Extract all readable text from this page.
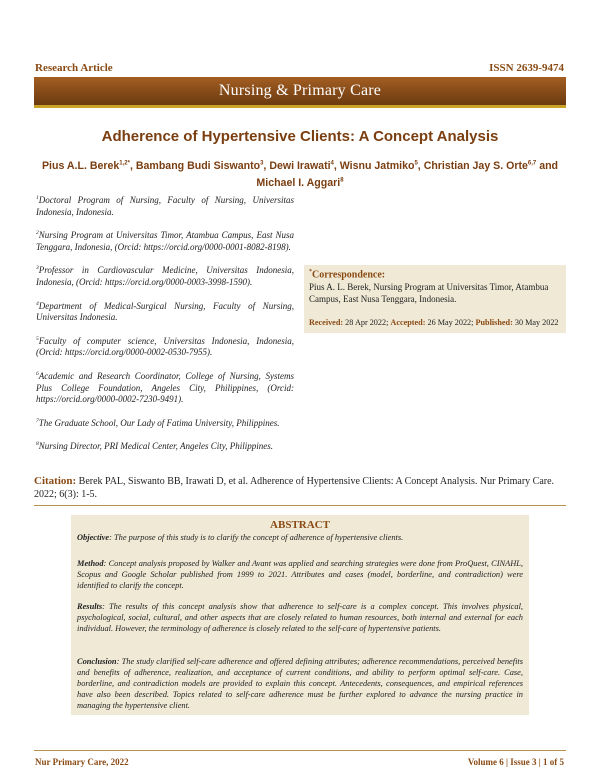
Research Article	ISSN 2639-9474
Nursing & Primary Care
Adherence of Hypertensive Clients: A Concept Analysis
Pius A.L. Berek$^{1,2*}$, Bambang Budi Siswanto$^3$, Dewi Irawati$^4$, Wisnu Jatmiko$^5$, Christian Jay S. Orte$^{6,7}$ and Michael I. Aggari$^8$
$^1$Doctoral Program of Nursing, Faculty of Nursing, Universitas Indonesia, Indonesia.
$^2$Nursing Program at Universitas Timor, Atambua Campus, East Nusa Tenggara, Indonesia, (Orcid: https://orcid.org/0000-0001-8082-8198).
$^3$Professor in Cardiovascular Medicine, Universitas Indonesia, Indonesia, (Orcid: https://orcid.org/0000-0003-3998-1590).
$^4$Department of Medical-Surgical Nursing, Faculty of Nursing, Universitas Indonesia.
$^5$Faculty of computer science, Universitas Indonesia, Indonesia, (Orcid: https://orcid.org/0000-0002-0530-7955).
$^6$Academic and Research Coordinator, College of Nursing, Systems Plus College Foundation, Angeles City, Philippines, (Orcid: https://orcid.org/0000-0002-7230-9491).
$^7$The Graduate School, Our Lady of Fatima University, Philippines.
$^8$Nursing Director, PRI Medical Center, Angeles City, Philippines.
*Correspondence:
Pius A. L. Berek, Nursing Program at Universitas Timor, Atambua Campus, East Nusa Tenggara, Indonesia.
Received: 28 Apr 2022; Accepted: 26 May 2022; Published: 30 May 2022
Citation: Berek PAL, Siswanto BB, Irawati D, et al. Adherence of Hypertensive Clients: A Concept Analysis. Nur Primary Care. 2022; 6(3): 1-5.
ABSTRACT
Objective: The purpose of this study is to clarify the concept of adherence of hypertensive clients.
Method: Concept analysis proposed by Walker and Avant was applied and searching strategies were done from ProQuest, CINAHL, Scopus and Google Scholar published from 1999 to 2021. Attributes and cases (model, borderline, and contradiction) were identified to clarify the concept.
Results: The results of this concept analysis show that adherence to self-care is a complex concept. This involves physical, psychological, social, cultural, and other aspects that are closely related to human resources, both internal and external for each individual. However, the terminology of adherence is closely related to the self-care of hypertensive patients.
Conclusion: The study clarified self-care adherence and offered defining attributes; adherence recommendations, perceived benefits and benefits of adherence, realization, and acceptance of current conditions, and ability to perform optimal self-care. Case, borderline, and contradiction models are provided to explain this concept. Antecedents, consequences, and empirical references have also been described. Topics related to self-care adherence must be further explored to advance the nursing practice in managing the hypertensive client.
Nur Primary Care, 2022	Volume 6 | Issue 3 | 1 of 5
